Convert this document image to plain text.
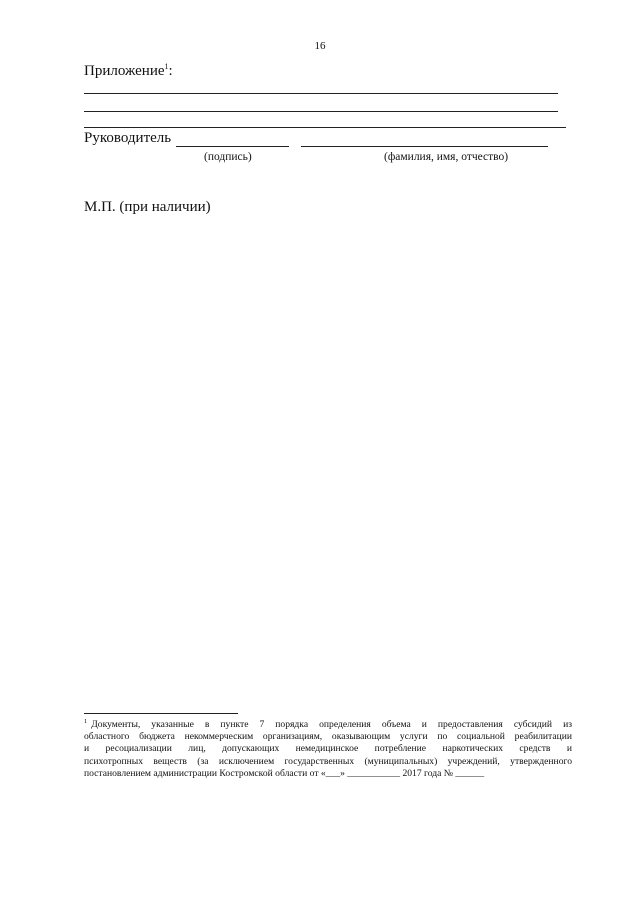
16
Приложение$^1$:
Руководитель
(подпись)	(фамилия, имя, отчество)
М.П. (при наличии)
$^1$ Документы, указанные в пункте 7 порядка определения объема и предоставления субсидий из
областного бюджета некоммерческим организациям, оказывающим услуги по социальной реабилитации
и ресоциализации лиц, допускающих немедицинское потребление наркотических средств и
психотропных веществ (за исключением государственных (муниципальных) учреждений, утвержденного
постановлением администрации Костромской области от «___» ___________ 2017 года № ______
